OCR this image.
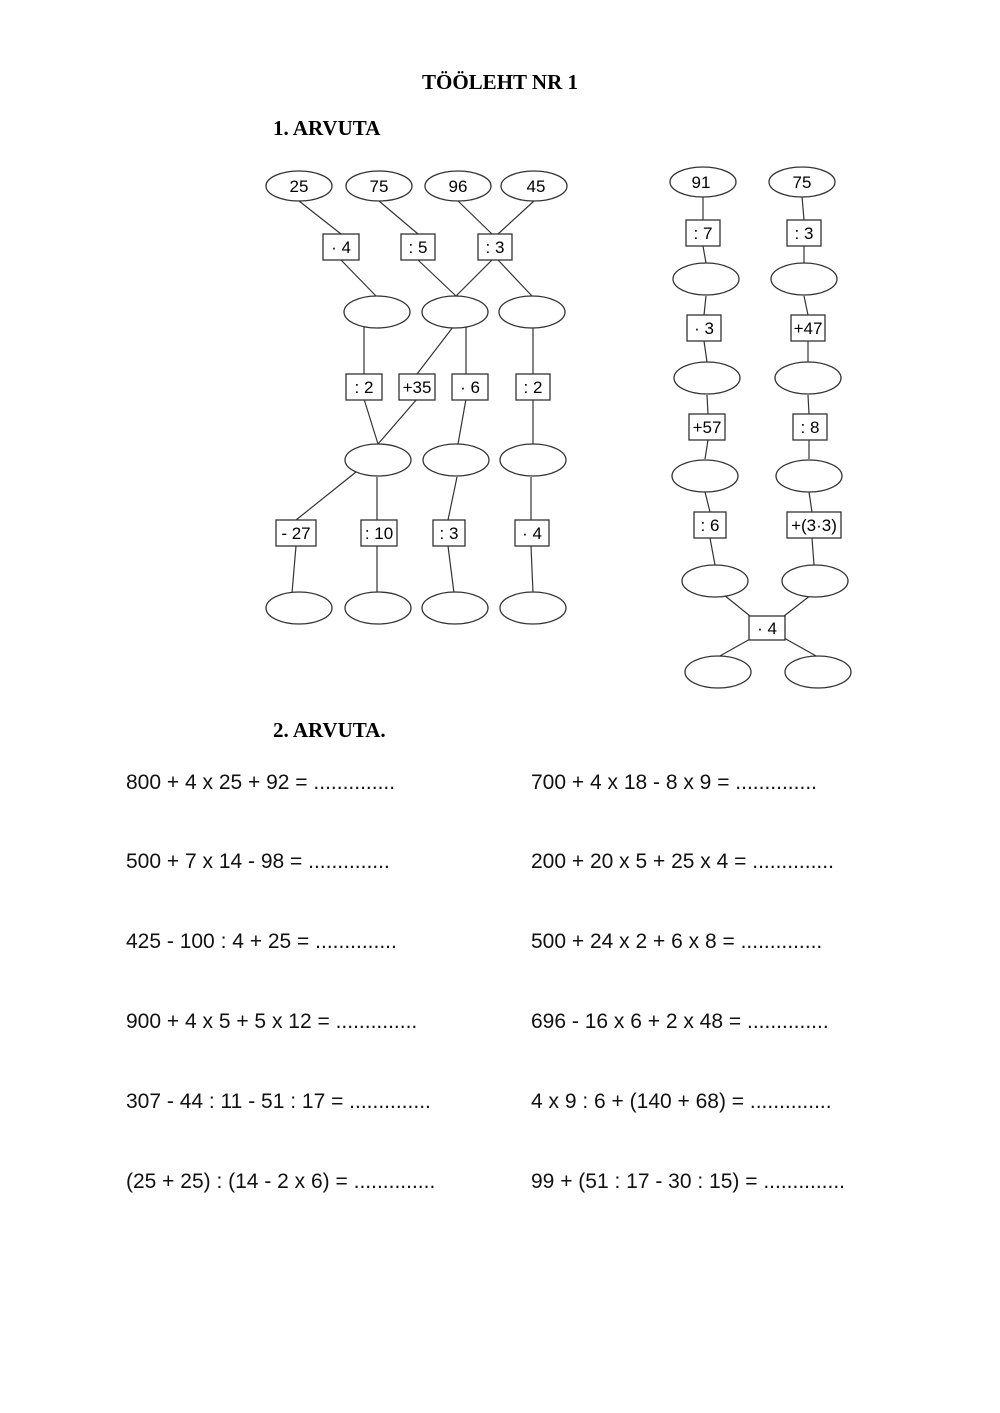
TÖÖLEHT NR 1
1. ARVUTA
25	75	96	45
· 4	: 5	: 3
: 2 +35 · 6	: 2
- 27	: 10	: 3	· 4
91	75
: 7
· 3
+57
: 6
: 3
+47
: 8
+(3·3)
· 4
2. ARVUTA.
800 + 4 x 25 + 92 = ..............
500 + 7 x 14 - 98 = ..............
425 - 100 : 4 + 25 = ..............
900 + 4 x 5 + 5 x 12 = ..............
307 - 44 : 11 - 51 : 17 = ..............
(25 + 25) : (14 - 2 x 6) = ..............
700 + 4 x 18 - 8 x 9 = ..............
200 + 20 x 5 + 25 x 4 = ..............
500 + 24 x 2 + 6 x 8 = ..............
696 - 16 x 6 + 2 x 48 = ..............
4 x 9 : 6 + (140 + 68) = ..............
99 + (51 : 17 - 30 : 15) = ..............
